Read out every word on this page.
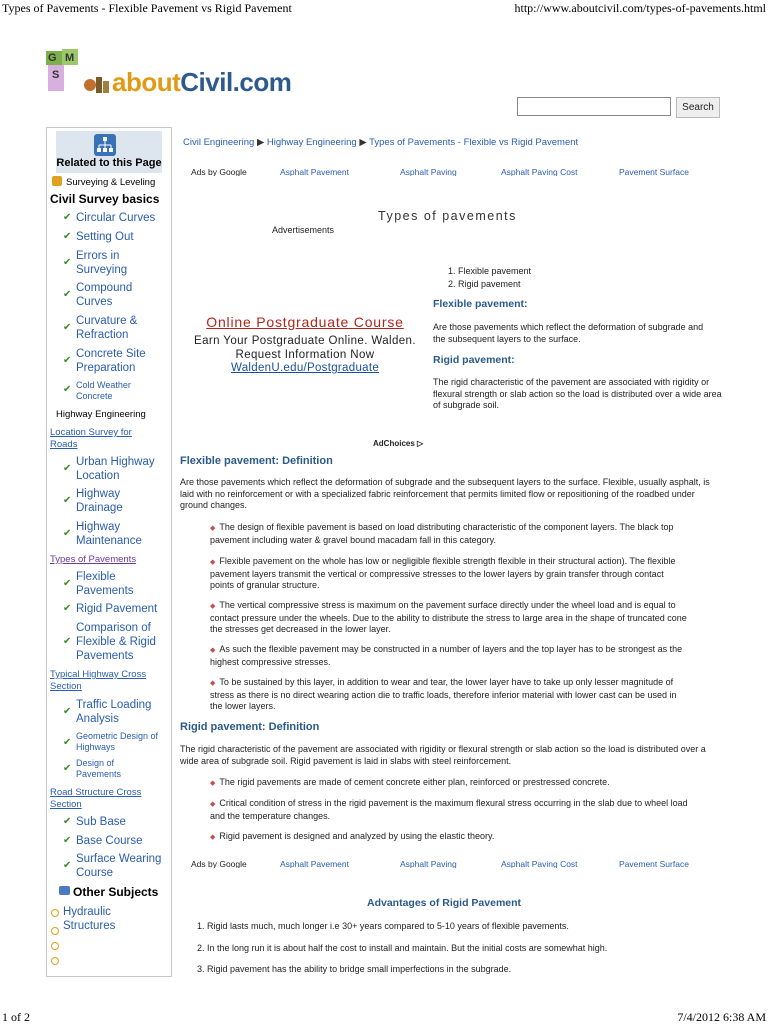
Types of Pavements - Flexible Pavement vs Rigid Pavement	http://www.aboutcivil.com/types-of-pavements.html
G M
S aboutCivil.com
Search
Related to this Page
Surveying & Leveling
Civil Survey basics
✔ Circular Curves
✔ Setting Out
✔
Errors in Surveying
✔
Compound Curves
✔
Curvature & Refraction
✔
Concrete Site Preparation
✔ Cold Weather Concrete
Highway Engineering
Location Survey for Roads
✔
Urban Highway Location
✔
Highway Drainage
✔
Highway Maintenance
Types of Pavements
✔
Flexible Pavements
✔ Rigid Pavement
✔
Comparison of Flexible & Rigid Pavements
Typical Highway Cross Section
✔
Traffic Loading Analysis
✔
Geometric Design of Highways
✔ Design of Pavements
Road Structure Cross Section
✔ Sub Base
✔ Base Course
✔
Surface Wearing Course
Other Subjects
Hydraulic Structures
Civil Engineering ▶ Highway Engineering ▶ Types of Pavements - Flexible vs Rigid Pavement
Ads by Google	Asphalt Pavement	Asphalt Paving	Asphalt Paving Cost	Pavement Surface
Types of pavements
Advertisements
Online Postgraduate Course
Earn Your Postgraduate Online. Walden.
Request Information Now
WaldenU.edu/Postgraduate
AdChoices ▷
1. Flexible pavement
2. Rigid pavement
Flexible pavement:
Are those pavements which reflect the deformation of subgrade and the subsequent layers to the surface.
Rigid pavement:
The rigid characteristic of the pavement are associated with rigidity or flexural strength or slab action so the load is distributed over a wide area of subgrade soil.
Flexible pavement: Definition
Are those pavements which reflect the deformation of subgrade and the subsequent layers to the surface. Flexible, usually asphalt, is laid with no reinforcement or with a specialized fabric reinforcement that permits limited flow or repositioning of the roadbed under ground changes.
◆ The design of flexible pavement is based on load distributing characteristic of the component layers. The black top pavement including water & gravel bound macadam fall in this category.
◆ Flexible pavement on the whole has low or negligible flexible strength flexible in their structural action). The flexible pavement layers transmit the vertical or compressive stresses to the lower layers by grain transfer through contact points of granular structure.
◆ The vertical compressive stress is maximum on the pavement surface directly under the wheel load and is equal to contact pressure under the wheels. Due to the ability to distribute the stress to large area in the shape of truncated cone the stresses get decreased in the lower layer.
◆ As such the flexible pavement may be constructed in a number of layers and the top layer has to be strongest as the highest compressive stresses.
◆ To be sustained by this layer, in addition to wear and tear, the lower layer have to take up only lesser magnitude of stress as there is no direct wearing action die to traffic loads, therefore inferior material with lower cast can be used in the lower layers.
Rigid pavement: Definition
The rigid characteristic of the pavement are associated with rigidity or flexural strength or slab action so the load is distributed over a wide area of subgrade soil. Rigid pavement is laid in slabs with steel reinforcement.
◆ The rigid pavements are made of cement concrete either plan, reinforced or prestressed concrete.
◆ Critical condition of stress in the rigid pavement is the maximum flexural stress occurring in the slab due to wheel load and the temperature changes.
◆ Rigid pavement is designed and analyzed by using the elastic theory.
Ads by Google	Asphalt Pavement	Asphalt Paving	Asphalt Paving Cost	Pavement Surface
Advantages of Rigid Pavement
1. Rigid lasts much, much longer i.e 30+ years compared to 5-10 years of flexible pavements.
2. In the long run it is about half the cost to install and maintain. But the initial costs are somewhat high.
3. Rigid pavement has the ability to bridge small imperfections in the subgrade.
1 of 2	7/4/2012 6:38 AM
